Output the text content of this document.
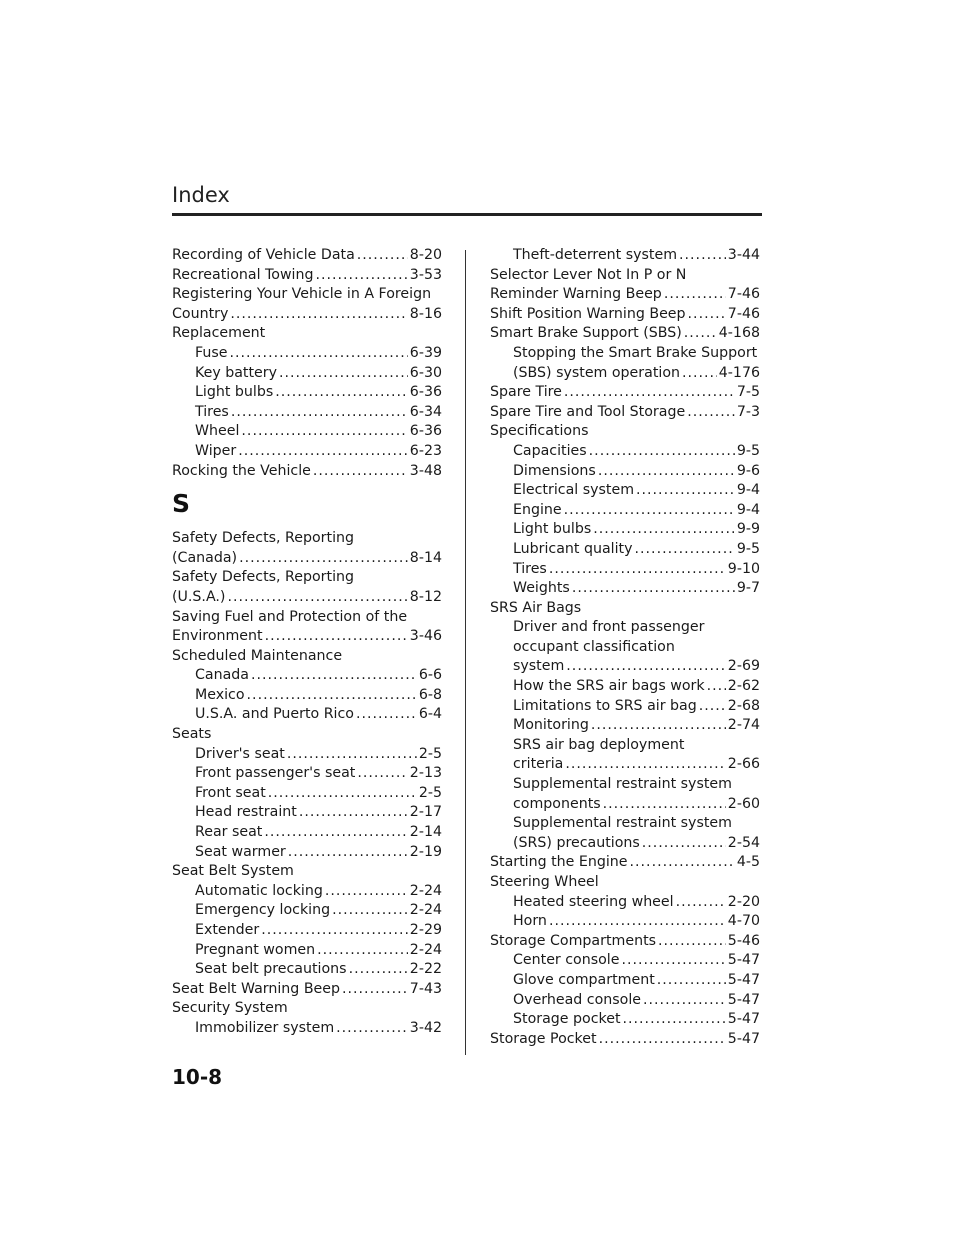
Index
Recording of Vehicle Data .....	8-20
Recreational Towing .....	3-53
Registering Your Vehicle in A Foreign
Country .....	8-16
Replacement
Fuse .....	6-39
Key battery .....	6-30
Light bulbs .....	6-36
Tires .....	6-34
Wheel .....	6-36
Wiper .....	6-23
Rocking the Vehicle .....	3-48
S
Safety Defects, Reporting
(Canada) .....	8-14
Safety Defects, Reporting
(U.S.A.) .....	8-12
Saving Fuel and Protection of the
Environment .....	3-46
Scheduled Maintenance
Canada .....	6-6
Mexico .....	6-8
U.S.A. and Puerto Rico .....	6-4
Seats
Driver's seat .....	2-5
Front passenger's seat .....	2-13
Front seat .....	2-5
Head restraint .....	2-17
Rear seat .....	2-14
Seat warmer .....	2-19
Seat Belt System
Automatic locking .....	2-24
Emergency locking .....	2-24
Extender .....	2-29
Pregnant women .....	2-24
Seat belt precautions .....	2-22
Seat Belt Warning Beep .....	7-43
Security System
Immobilizer system .....	3-42
Theft-deterrent system .....	3-44
Selector Lever Not In P or N
Reminder Warning Beep .....	7-46
Shift Position Warning Beep .....	7-46
Smart Brake Support (SBS) .....	4-168
Stopping the Smart Brake Support
(SBS) system operation .....	4-176
Spare Tire .....	7-5
Spare Tire and Tool Storage .....	7-3
Specifications
Capacities .....	9-5
Dimensions .....	9-6
Electrical system .....	9-4
Engine .....	9-4
Light bulbs .....	9-9
Lubricant quality .....	9-5
Tires .....	9-10
Weights .....	9-7
SRS Air Bags
Driver and front passenger
occupant classification
system .....	2-69
How the SRS air bags work ..... 2-62
Limitations to SRS air bag ..... 2-68
Monitoring .....	2-74
SRS air bag deployment
criteria .....	2-66
Supplemental restraint system
components .....	2-60
Supplemental restraint system
(SRS) precautions .....	2-54
Starting the Engine .....	4-5
Steering Wheel
Heated steering wheel .....	2-20
Horn .....	4-70
Storage Compartments .....	5-46
Center console .....	5-47
Glove compartment .....	5-47
Overhead console .....	5-47
Storage pocket .....	5-47
Storage Pocket .....	5-47
10-8
